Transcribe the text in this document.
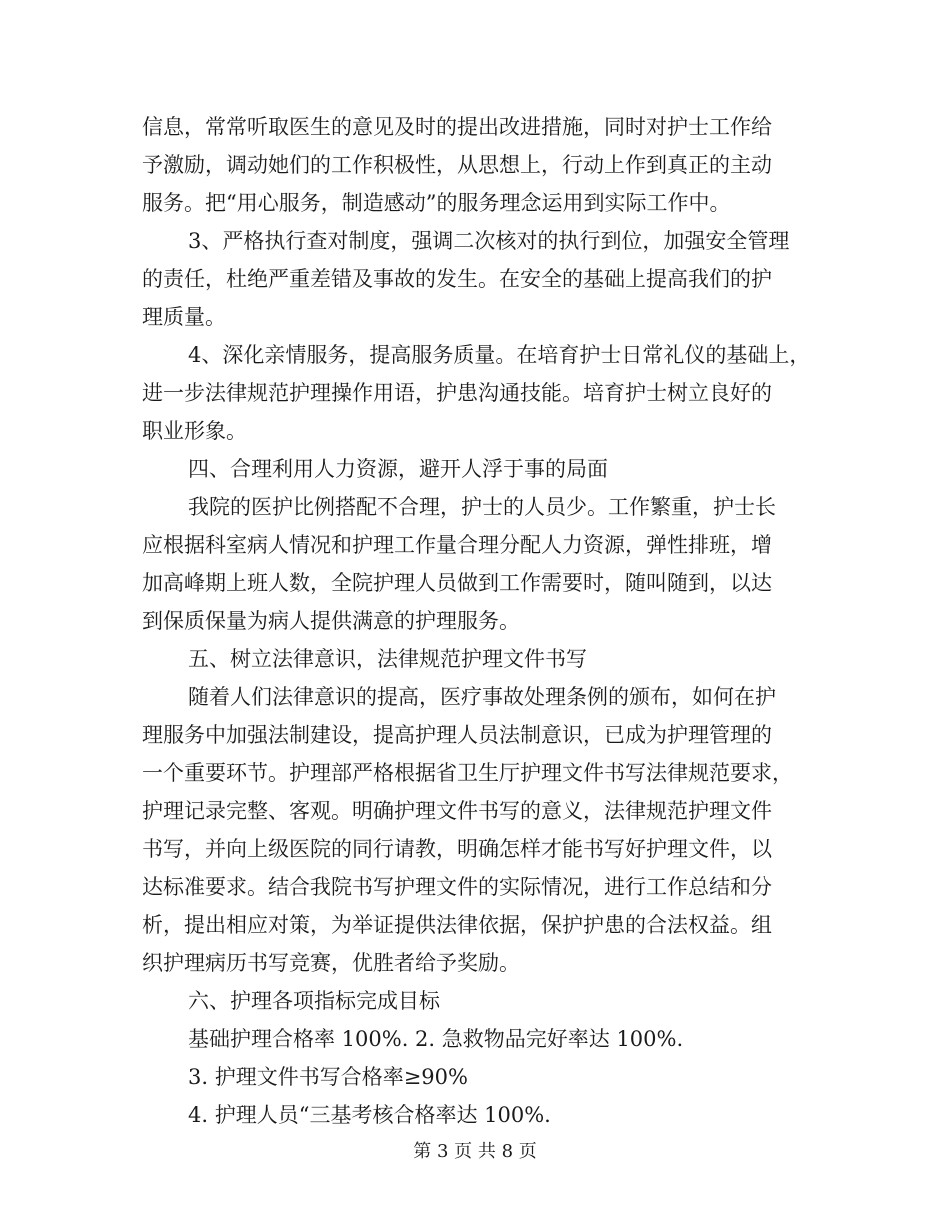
信息，常常听取医生的意见及时的提出改进措施，同时对护士工作给

予激励，调动她们的工作积极性，从思想上，行动上作到真正的主动

服务。把“用心服务，制造感动”的服务理念运用到实际工作中。

3、严格执行查对制度，强调二次核对的执行到位，加强安全管理

的责任，杜绝严重差错及事故的发生。在安全的基础上提高我们的护

理质量。

4、深化亲情服务，提高服务质量。在培育护士日常礼仪的基础上，

进一步法律规范护理操作用语，护患沟通技能。培育护士树立良好的

职业形象。

四、合理利用人力资源，避开人浮于事的局面

我院的医护比例搭配不合理，护士的人员少。工作繁重，护士长

应根据科室病人情况和护理工作量合理分配人力资源，弹性排班，增

加高峰期上班人数，全院护理人员做到工作需要时，随叫随到，以达

到保质保量为病人提供满意的护理服务。

五、树立法律意识，法律规范护理文件书写

随着人们法律意识的提高，医疗事故处理条例的颁布，如何在护

理服务中加强法制建设，提高护理人员法制意识，已成为护理管理的

一个重要环节。护理部严格根据省卫生厅护理文件书写法律规范要求，

护理记录完整、客观。明确护理文件书写的意义，法律规范护理文件

书写，并向上级医院的同行请教，明确怎样才能书写好护理文件，以

达标准要求。结合我院书写护理文件的实际情况，进行工作总结和分

析，提出相应对策，为举证提供法律依据，保护护患的合法权益。组

织护理病历书写竞赛，优胜者给予奖励。

六、护理各项指标完成目标

基础护理合格率 100%. 2. 急救物品完好率达 100%.

3. 护理文件书写合格率≥90%

4. 护理人员“三基考核合格率达 100%.

第 3 页 共 8 页
